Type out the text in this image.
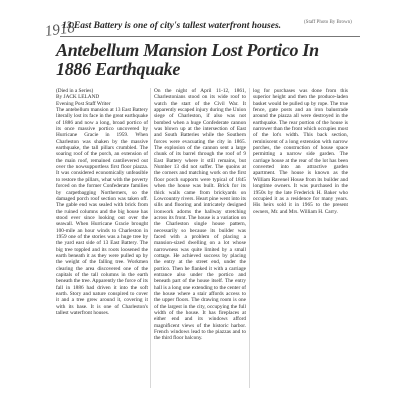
1918
13 East Battery is one of city's tallest waterfront houses.	(Staff Photo By Brown)
Antebellum Mansion Lost Portico In 1886 Earthquake

(Died in a Series)

By JACK LELAND

Evening Post Staff Writer

The antebellum mansion at 13 East Battery literally lost its face in the great earthquake of 1886 and now a long, broad portico of its once massive portico uncovered by Hurricane Gracie in 1959. When Charleston was shaken by the massive earthquake, the tall pillars crumbled. The soaring roof of the porch, an extension of the main roof, remained cantilevered out over the nowsupportless first floor piazza. It was considered economically unfeasible to restore the pillars, what with the poverty forced on the former Confederate families by carpetbagging Northerners, so the damaged porch roof section was taken off. The gable end was sealed with brick from the ruined columns and the big house has stood ever since looking out over the seawall. When Hurricane Gracie brought 100-mile an hour winds to Charleston in 1959 one of the stories was a huge tree by the yard east side of 13 East Battery. The big tree toppled and its roots loosened the earth beneath it as they were pulled up by the weight of the falling tree. Workmen clearing the area discovered one of the capitals of the tall columns in the earth beneath the tree. Apparently the force of its fall in 1886 had driven it into the soft earth. Story and nature conspired to cover it and a tree grew around it, covering it with its base. It is one of Charleston's tallest waterfront houses.

On the night of April 11-12, 1861, Charlestonians stood on its wide roof to watch the start of the Civil War. It apparently escaped injury during the Union siege of Charleston, if also was not bombed when a huge Confederate cannon was blown up at the intersection of East and South Batteries while the Southern forces were evacuating the city in 1865. The explosion of the cannon sent a large chunk of its barrel through the roof of 9 East Battery where it still remains, but Number 13 did not suffer. The quoins at the corners and matching work on the first floor porch supports were typical of 1845 when the house was built. Brick for its thick walls came from brickyards on Lowcountry rivers. Heart pine went into its sills and flooring and intricately designed ironwork adorns the hallway stretching across its front. The house is a variation on the Charleston single house pattern, necessarily so because its builder was faced with a problem of placing a mansion-sized dwelling on a lot whose narrowness was quite limited by a small cottage. He achieved success by placing the entry at the street end, under the portico. Then he flanked it with a carriage entrance also under the portico and beneath part of the house itself. The entry hall is a long one extending to the center of the house where a stair affords access to the upper floors. The drawing room is one of the largest in the city, occupying the full width of the house. It has fireplaces at either end and its windows afford magnificent views of the historic harbor. French windows lead to the piazzas and to the third floor balcony.

log for purchases was done from this superior height and then the produce-laden basket would be pulled up by rope. The true fence, gate posts and an iron balustrade around the piazza all were destroyed in the earthquake. The rear portion of the house is narrower than the front which occupies most of the lot's width. This back section, reminiscent of a long extension with narrow porches, the construction of house space permitting a narrow side garden. The carriage house at the rear of the lot has been converted into an attractive garden apartment. The house is known as the William Ravenel House from its builder and longtime owners. It was purchased in the 1950s by the late Frederick H. Baker who occupied it as a residence for many years. His heirs sold it in 1965 to the present owners, Mr. and Mrs. William H. Carry.
